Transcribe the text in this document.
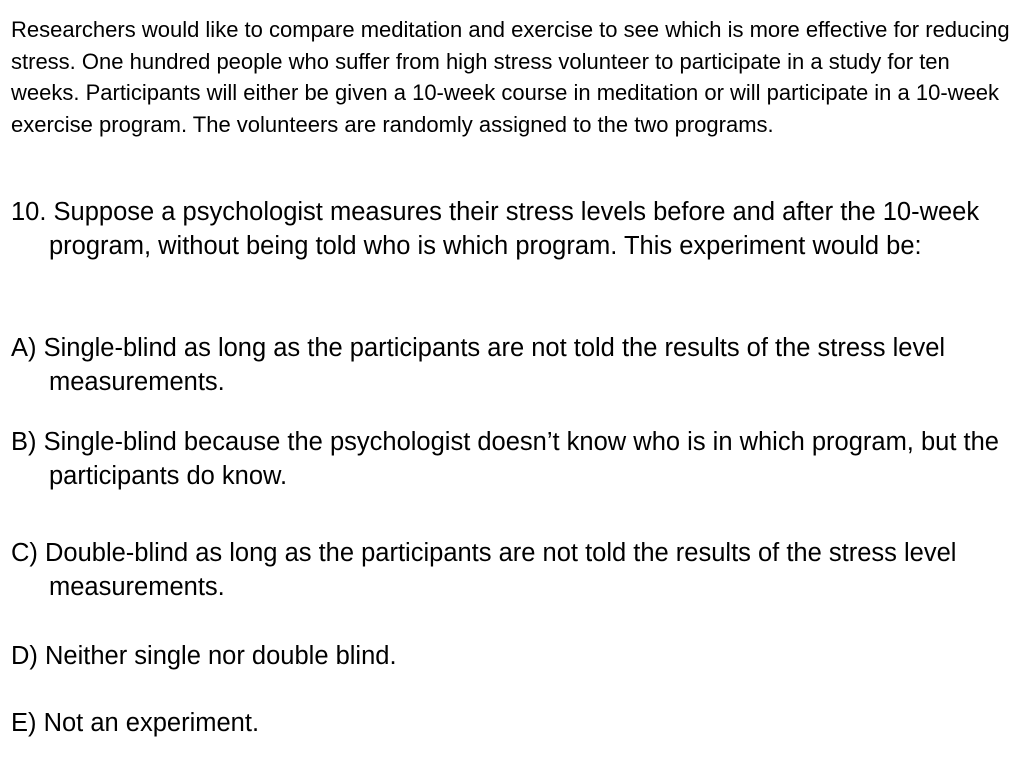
Researchers would like to compare meditation and exercise to see which is more effective for reducing stress. One hundred people who suffer from high stress volunteer to participate in a study for ten weeks. Participants will either be given a 10-week course in meditation or will participate in a 10-week exercise program. The volunteers are randomly assigned to the two programs.

10. Suppose a psychologist measures their stress levels before and after the 10-week program, without being told who is which program. This experiment would be:

A) Single-blind as long as the participants are not told the results of the stress level measurements.

B) Single-blind because the psychologist doesn’t know who is in which program, but the participants do know.

C) Double-blind as long as the participants are not told the results of the stress level measurements.

D) Neither single nor double blind.

E) Not an experiment.
